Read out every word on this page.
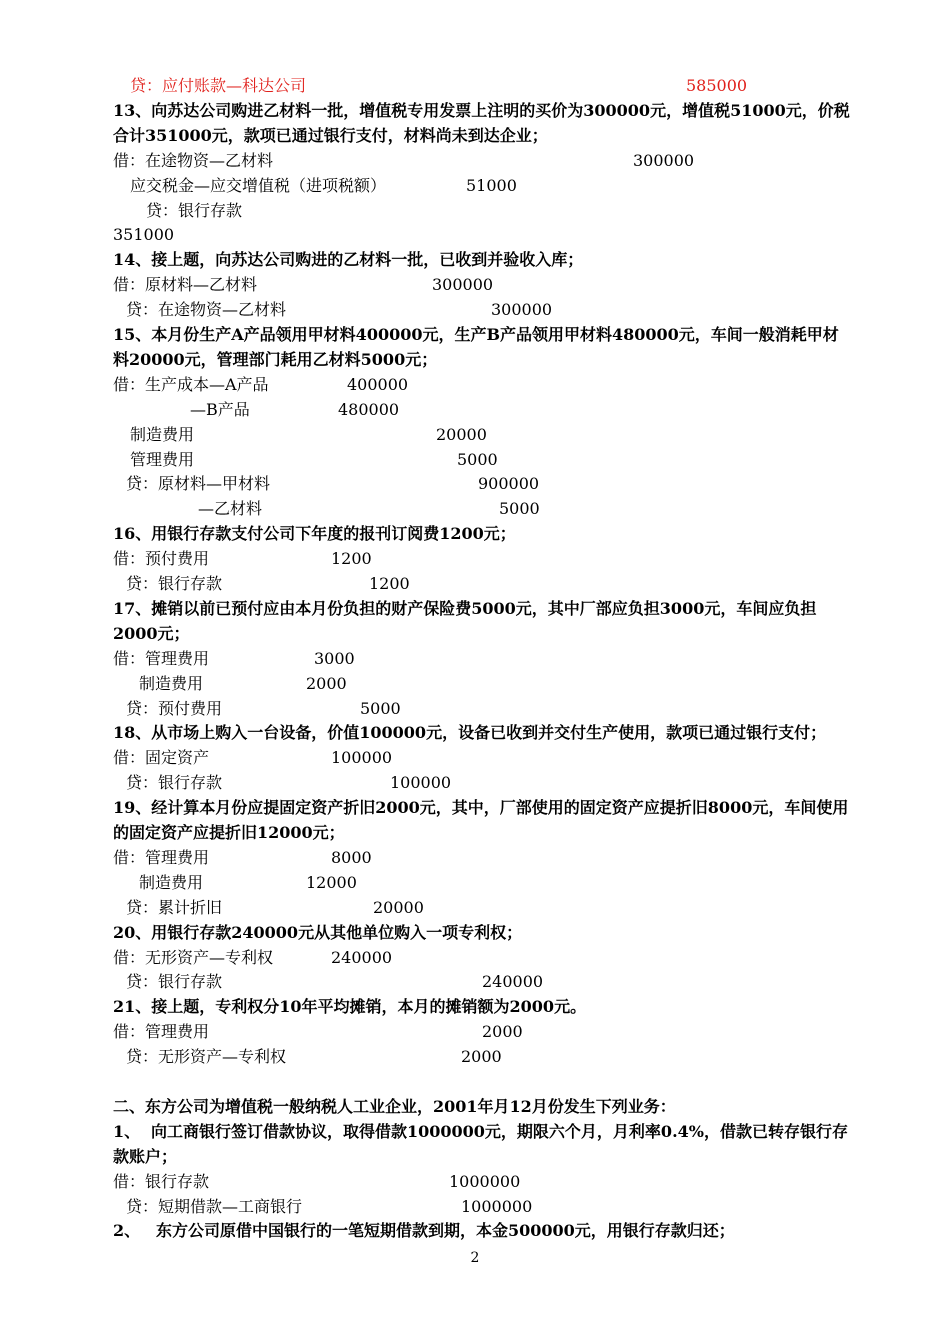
贷：应付账款—科达公司	585000
13、向苏达公司购进乙材料一批，增值税专用发票上注明的买价为300000元，增值税51000元，价税
合计351000元，款项已通过银行支付，材料尚未到达企业；
借：在途物资—乙材料	300000
应交税金—应交增值税（进项税额）	51000
贷：银行存款
351000
14、接上题，向苏达公司购进的乙材料一批，已收到并验收入库；
借：原材料—乙材料	300000
贷：在途物资—乙材料	300000
15、本月份生产A产品领用甲材料400000元，生产B产品领用甲材料480000元，车间一般消耗甲材
料20000元，管理部门耗用乙材料5000元；
借：生产成本—A产品	400000
—B产品	480000
制造费用	20000
管理费用	5000
贷：原材料—甲材料	900000
—乙材料	5000
16、用银行存款支付公司下年度的报刊订阅费1200元；
借：预付费用	1200
贷：银行存款	1200
17、摊销以前已预付应由本月份负担的财产保险费5000元，其中厂部应负担3000元，车间应负担
2000元；
借：管理费用	3000
制造费用	2000
贷：预付费用	5000
18、从市场上购入一台设备，价值100000元，设备已收到并交付生产使用，款项已通过银行支付；
借：固定资产	100000
贷：银行存款	100000
19、经计算本月份应提固定资产折旧2000元，其中，厂部使用的固定资产应提折旧8000元，车间使用
的固定资产应提折旧12000元；
借：管理费用	8000
制造费用	12000
贷：累计折旧	20000
20、用银行存款240000元从其他单位购入一项专利权；
借：无形资产—专利权	240000
贷：银行存款	240000
21、接上题，专利权分10年平均摊销，本月的摊销额为2000元。
借：管理费用	2000
贷：无形资产—专利权	2000
二、东方公司为增值税一般纳税人工业企业，2001年月12月份发生下列业务：
1、 向工商银行签订借款协议，取得借款1000000元，期限六个月，月利率0.4%，借款已转存银行存
款账户；
借：银行存款	1000000
贷：短期借款—工商银行	1000000
2、 东方公司原借中国银行的一笔短期借款到期，本金500000元，用银行存款归还；
2
